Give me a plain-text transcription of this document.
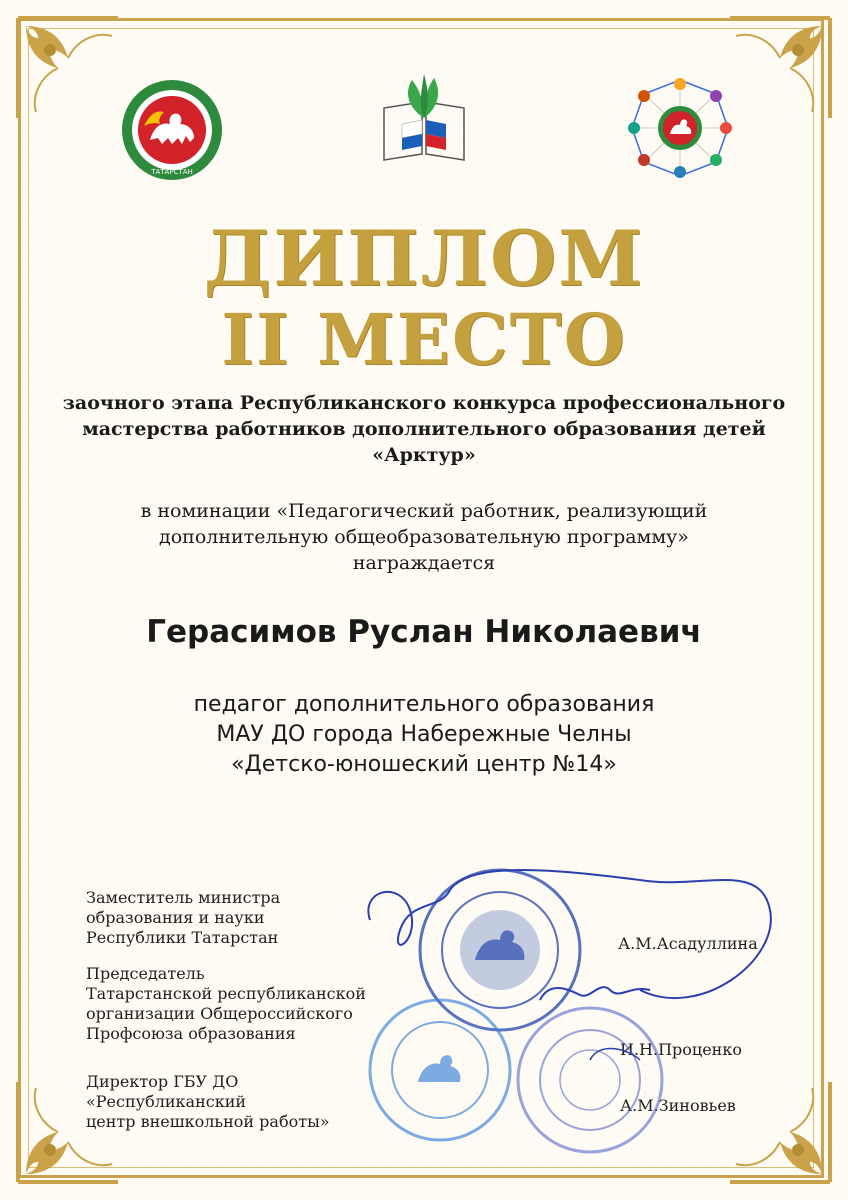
ТАТАРСТАН
ДИПЛОМ
II МЕСТО
заочного этапа Республиканского конкурса профессионального
мастерства работников дополнительного образования детей
«Арктур»
в номинации «Педагогический работник, реализующий
дополнительную общеобразовательную программу»
награждается
Герасимов Руслан Николаевич
педагог дополнительного образования
МАУ ДО города Набережные Челны
«Детско-юношеский центр №14»
Заместитель министра
образования и науки
Республики Татарстан	А.М.Асадуллина
Председатель
Татарстанской республиканской
организации Общероссийского
Профсоюза образования
И.Н.Проценко
Директор ГБУ ДО «Республиканский
центр внешкольной работы»
А.М.Зиновьев
